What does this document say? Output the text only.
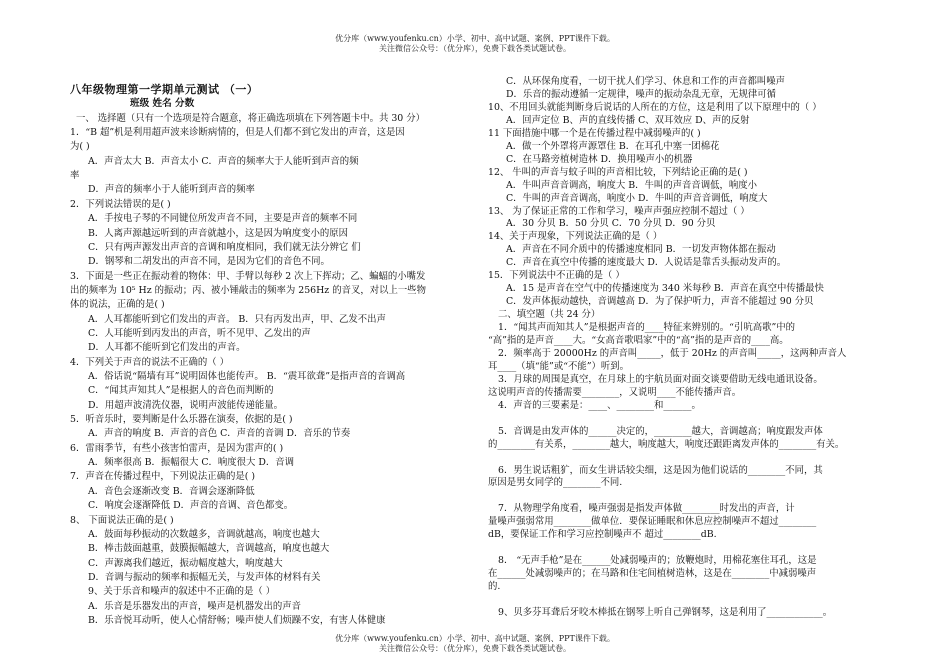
优分库（www.youfenku.cn）小学、初中、高中试题、案例、PPT课件下载。
关注微信公众号：（优分库），免费下载各类试题试卷。
八年级物理第一学期单元测试 （一）
班级 姓名 分数
一、 选择题（只有一个选项是符合题意，将正确选项填在下列答题卡中。共 30 分）
1．“B 超”机是利用超声波来诊断病情的，但是人们都不到它发出的声音，这是因
为( )
A．声音太大 B．声音太小 C．声音的频率大于人能听到声音的频
率
D．声音的频率小于人能听到声音的频率
2．下列说法错误的是( )
A．手按电子琴的不同键位所发声音不同，主要是声音的频率不同
B．人离声源越远听到的声音就越小，这是因为响度变小的原因
C．只有两声源发出声音的音调和响度相同，我们就无法分辨它 们
D．钢琴和二胡发出的声音不同，是因为它们的音色不同。
3．下面是一些正在振动着的物体：甲、手臂以每秒 2 次上下挥动；乙、蝙蝠的小嘴发
出的频率为 10⁵ Hz 的振动；丙、被小锤敲击的频率为 256Hz 的音叉，对以上一些物
体的说法，正确的是( )
A．人耳都能听到它们发出的声音。 B．只有丙发出声，甲、乙发不出声
C．人耳能听到丙发出的声音，听不见甲、乙发出的声
D．人耳都不能听到它们发出的声音。
4．下列关于声音的说法不正确的（ ）
A．俗话说“隔墙有耳”说明固体也能传声。 B．“震耳欲聋”是指声音的音调高
C．“闻其声知其人”是根据人的音色而判断的
D．用超声波清洗仪器，说明声波能传递能量。
5．听音乐时，要判断是什么乐器在演奏，依据的是( )
A．声音的响度 B．声音的音色 C．声音的音调 D．音乐的节奏
6．雷雨季节，有些小孩害怕雷声，是因为雷声的( )
A．频率很高 B．振幅很大 C．响度很大 D．音调
7．声音在传播过程中，下列说法正确的是( )
A．音色会逐渐改变 B．音调会逐渐降低
C．响度会逐渐降低 D．声音的音调、音色都变。
8、 下面说法正确的是( )
A．鼓面每秒振动的次数越多，音调就越高，响度也越大
B．棒击鼓面越重，鼓膜振幅越大，音调越高，响度也越大
C．声源离我们越近，振动幅度越大，响度越大
D．音调与振动的频率和振幅无关，与发声体的材料有关
9、关于乐音和噪声的叙述中不正确的是（ ）
A．乐音是乐器发出的声音，噪声是机器发出的声音
B．乐音悦耳动听，使人心情舒畅；噪声使人们烦躁不安，有害人体健康
C．从环保角度看，一切干扰人们学习、休息和工作的声音都叫噪声
D．乐音的振动遵循一定规律，噪声的振动杂乱无章，无规律可循
10、不用回头就能判断身后说话的人所在的方位，这是利用了以下原理中的（ ）
A．回声定位 B、声的直线传播 C、双耳效应 D、声的反射
11 下面措施中哪一个是在传播过程中减弱噪声的( )
A．做一个外罩将声源罩住 B．在耳孔中塞一团棉花
C．在马路旁植树造林 D．换用噪声小的机器
12、 牛叫的声音与蚊子叫的声音相比较，下列结论正确的是( )
A．牛叫声音音调高，响度大 B．牛叫的声音音调低，响度小
C．牛叫的声音音调高，响度小 D．牛叫的声音音调低，响度大
13、 为了保证正常的工作和学习，噪声声强应控制不超过（ ）
A．30 分贝 B．50 分贝 C．70 分贝 D．90 分贝
14、关于声现象，下列说法正确的是（ ）
A．声音在不同介质中的传播速度相同 B．一切发声物体都在振动
C．声音在真空中传播的速度最大 D．人说话是靠舌头振动发声的。
15．下列说法中不正确的是（ ）
A．15 是声音在空气中的传播速度为 340 米每秒 B．声音在真空中传播最快
C．发声体振动越快，音调越高 D．为了保护听力，声音不能超过 90 分贝
二、填空题（共 24 分）
1．“闻其声而知其人”是根据声音的____特征来辨别的。“引吭高歌”中的
“高”指的是声音____大。“女高音歌唱家”中的“高”指的是声音的____高。
2．频率高于 20000Hz 的声音叫_____，低于 20Hz 的声音叫_____，这两种声音人
耳____（填“能”或“不能”）听到。
3．月球的周围是真空，在月球上的宇航员面对面交谈要借助无线电通讯设备。
这说明声音的传播需要________，又说明____不能传播声音。
4．声音的三要素是：____、________和______。
5．音调是由发声体的______决定的，________越大，音调越高；响度跟发声体
的________有关系，________越大，响度越大，响度还跟距离发声体的________有关。
6．男生说话粗犷，而女生讲话较尖细，这是因为他们说话的________不同，其
原因是男女同学的________不同.
7．从物理学角度看，噪声强弱是指发声体做________时发出的声音，计
量噪声强弱常用________做单位．要保证睡眠和休息应控制噪声不超过________
dB，要保证工作和学习应控制噪声不 超过________dB.
8． “无声手枪”是在______处减弱噪声的；放鞭炮时，用棉花塞住耳孔，这是
在______处减弱噪声的；在马路和住宅间植树造林，这是在________中减弱噪声
的.
9、贝多芬耳聋后牙咬木棒抵在钢琴上听自己弹钢琴，这是利用了____________。
优分库（www.youfenku.cn）小学、初中、高中试题、案例、PPT课件下载。
关注微信公众号：（优分库），免费下载各类试题试卷。
